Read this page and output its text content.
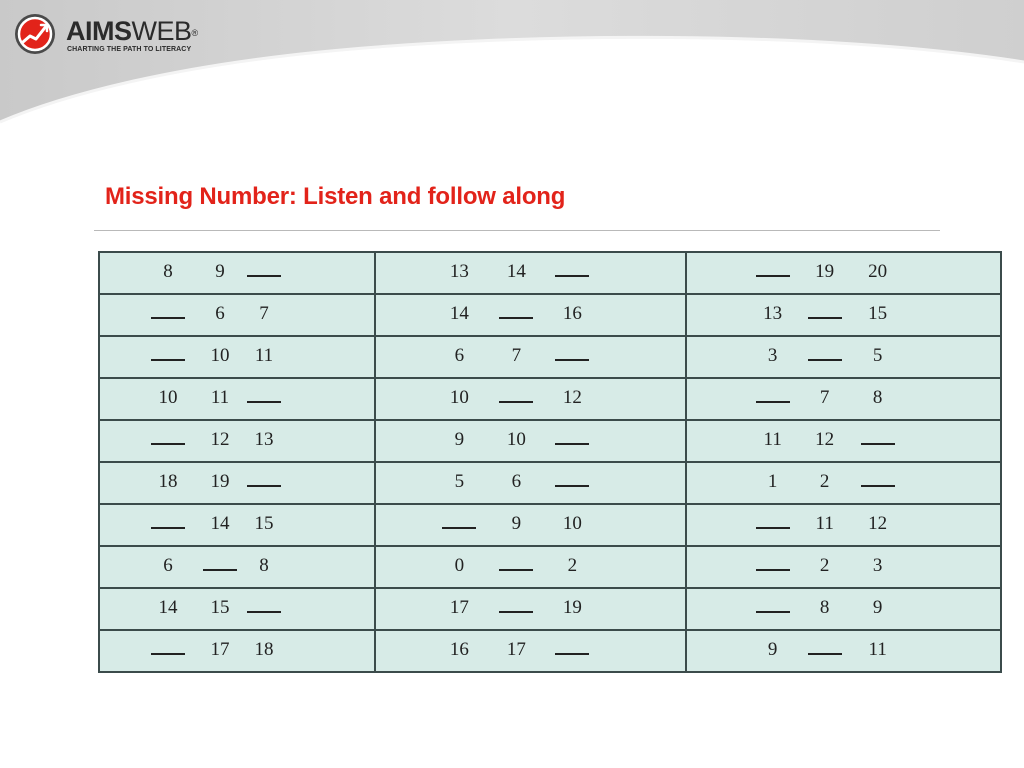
AIMSWEB®
CHARTING THE PATH TO LITERACY
Missing Number: Listen and follow along
8 9	13 14	19 20

6 7	14 16	13 15

10 11	6 7	3 5

10 11	10 12	7 8

12 13	9 10	11 12

18 19	5 6	1 2

14 15	9 10	11 12

6 8	0 2	2 3

14 15	17 19	8 9

17 18	16 17	9 11
